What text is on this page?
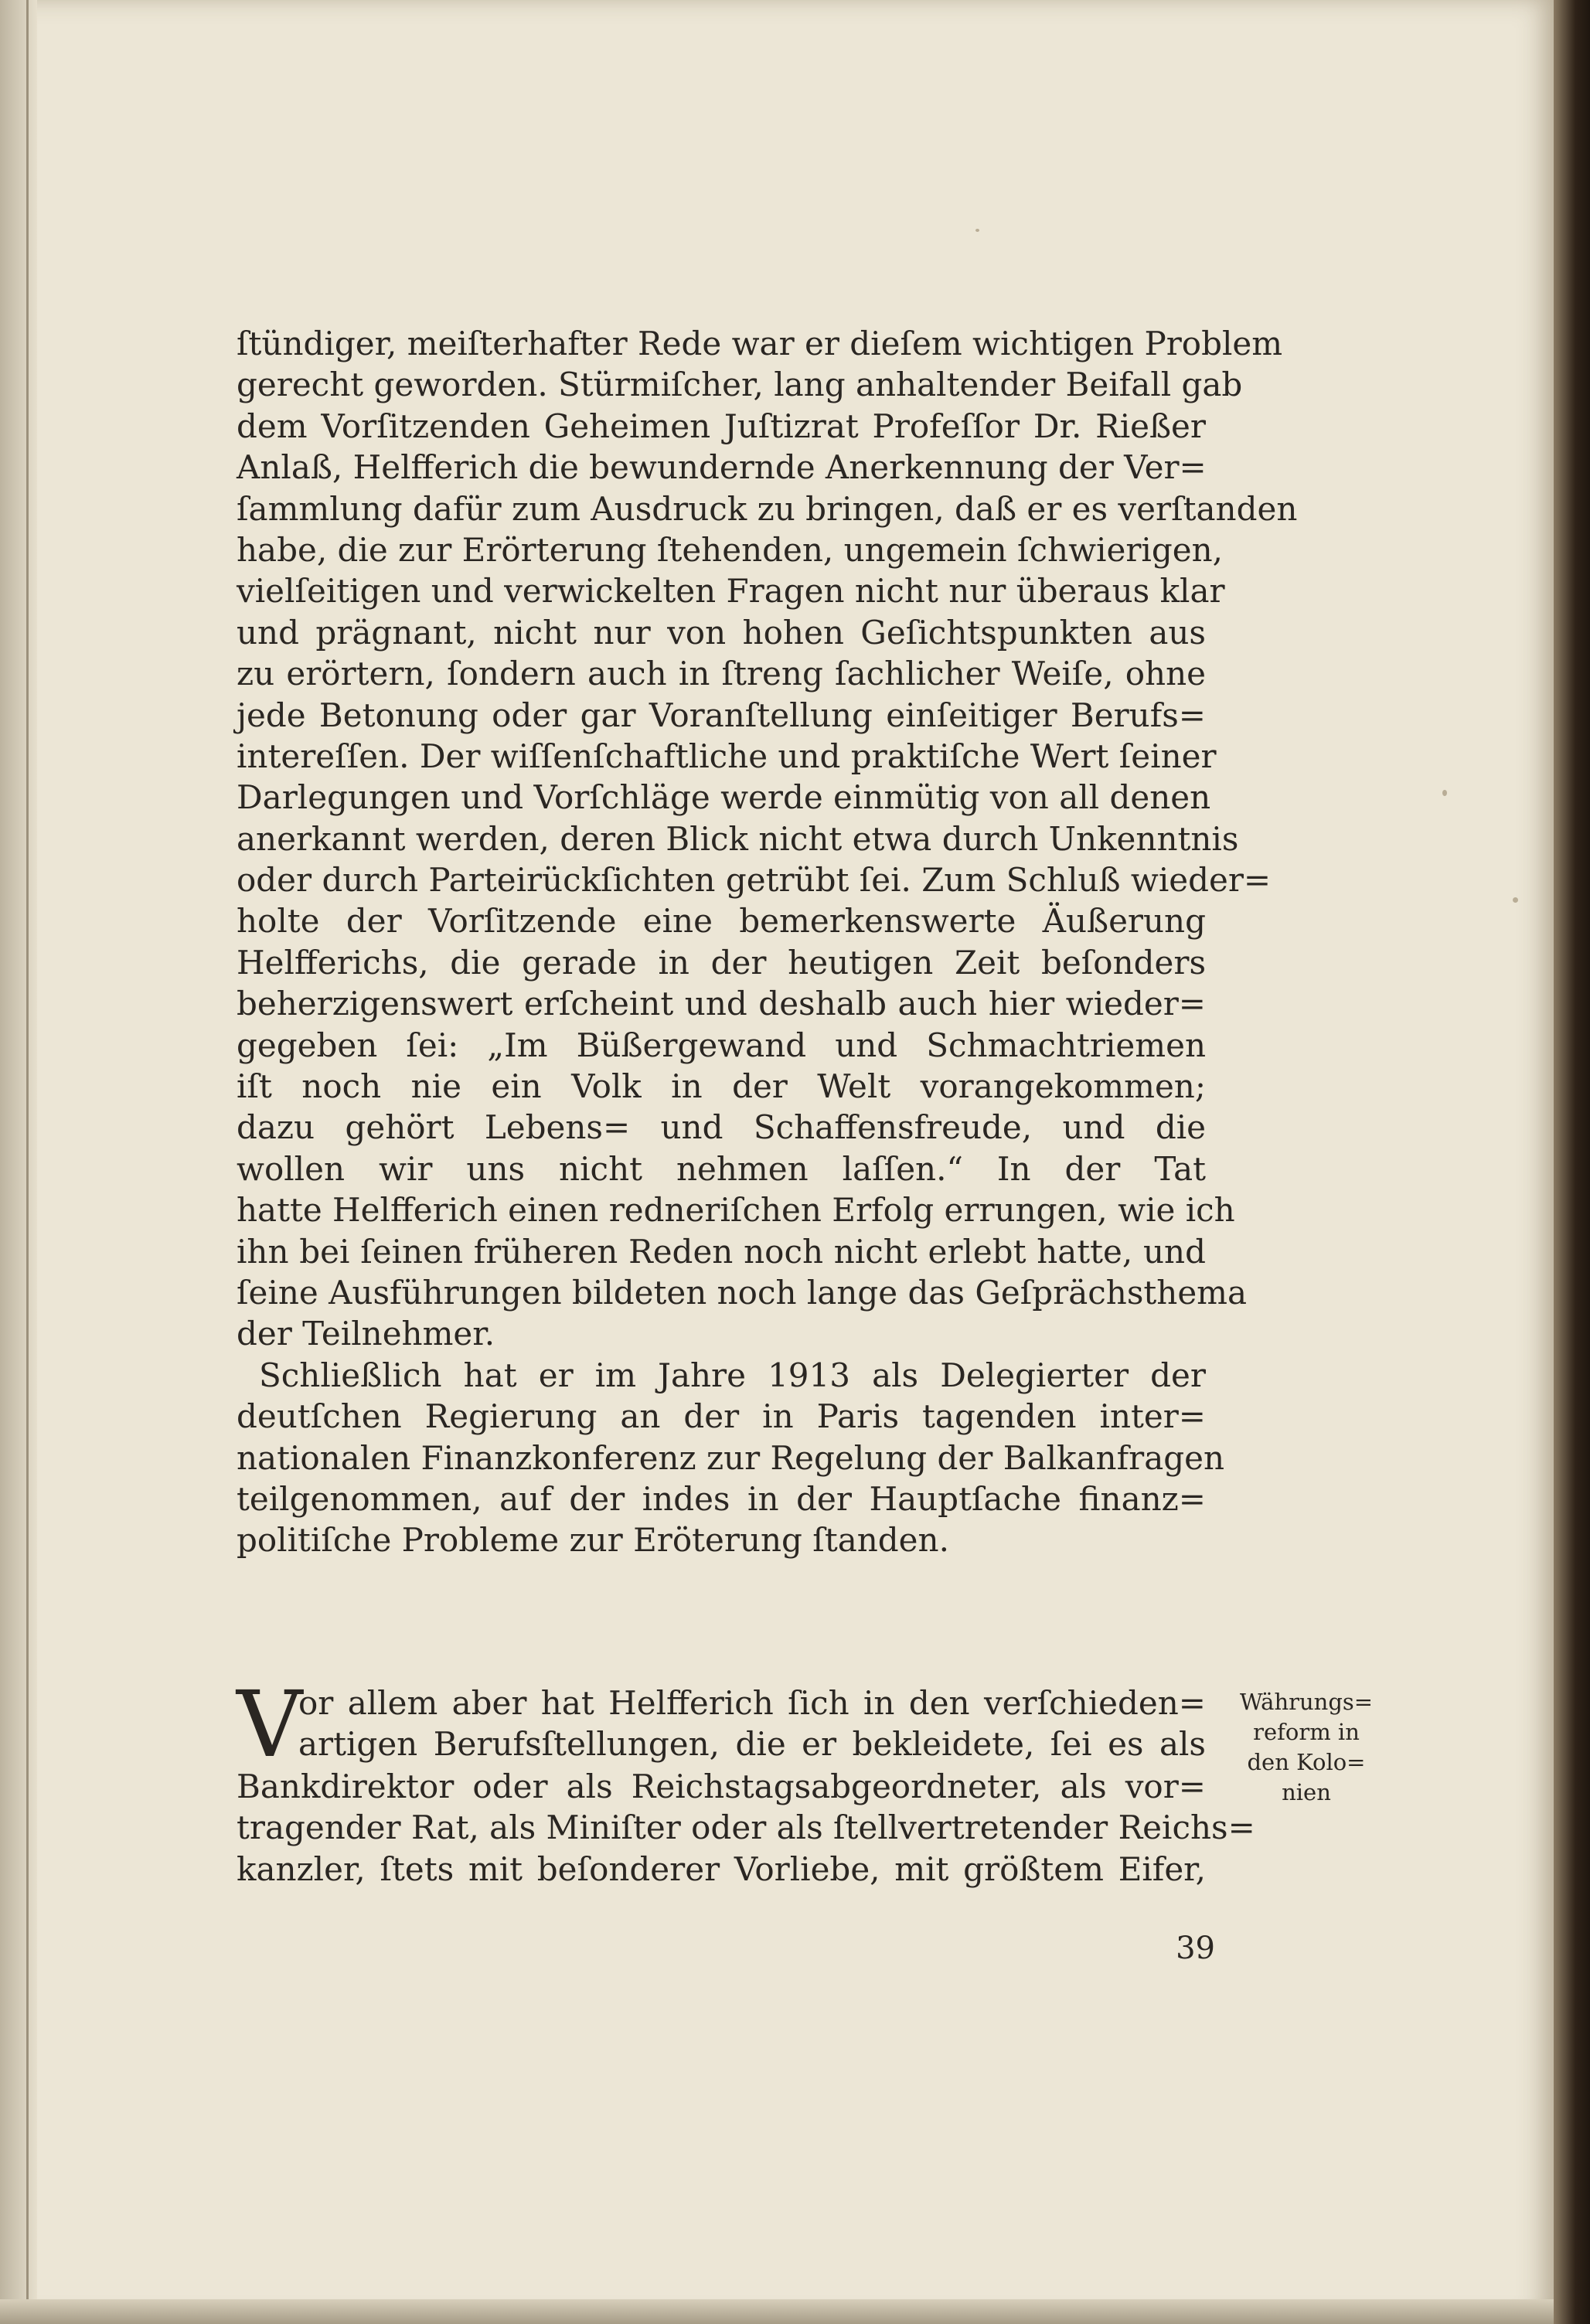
ſtündiger, meiſterhafter Rede war er dieſem wichtigen Problem
gerecht geworden. Stürmiſcher, lang anhaltender Beifall gab
dem Vorſitzenden Geheimen Juſtizrat Profeſſor Dr. Rießer
Anlaß, Helfferich die bewundernde Anerkennung der Ver=
ſammlung dafür zum Ausdruck zu bringen, daß er es verſtanden
habe, die zur Erörterung ſtehenden, ungemein ſchwierigen,
vielſeitigen und verwickelten Fragen nicht nur überaus klar
und prägnant, nicht nur von hohen Geſichtspunkten aus
zu erörtern, ſondern auch in ſtreng ſachlicher Weiſe, ohne
jede Betonung oder gar Voranſtellung einſeitiger Berufs=
intereſſen. Der wiſſenſchaftliche und praktiſche Wert ſeiner
Darlegungen und Vorſchläge werde einmütig von all denen
anerkannt werden, deren Blick nicht etwa durch Unkenntnis
oder durch Parteirückſichten getrübt ſei. Zum Schluß wieder=
holte der Vorſitzende eine bemerkenswerte Äußerung
Helfferichs, die gerade in der heutigen Zeit beſonders
beherzigenswert erſcheint und deshalb auch hier wieder=
gegeben ſei: „Im Büßergewand und Schmachtriemen
iſt noch nie ein Volk in der Welt vorangekommen;
dazu gehört Lebens= und Schaffensfreude, und die
wollen wir uns nicht nehmen laſſen.“ In der Tat
hatte Helfferich einen redneriſchen Erfolg errungen, wie ich
ihn bei ſeinen früheren Reden noch nicht erlebt hatte, und
ſeine Ausführungen bildeten noch lange das Geſprächsthema
der Teilnehmer.
Schließlich hat er im Jahre 1913 als Delegierter der
deutſchen Regierung an der in Paris tagenden inter=
nationalen Finanzkonferenz zur Regelung der Balkanfragen
teilgenommen, auf der indes in der Hauptſache finanz=
politiſche Probleme zur Eröterung ſtanden.
V
or allem aber hat Helfferich ſich in den verſchieden=
artigen Berufsſtellungen, die er bekleidete, ſei es als
Bankdirektor oder als Reichstagsabgeordneter, als vor=
tragender Rat, als Miniſter oder als ſtellvertretender Reichs=
kanzler, ſtets mit beſonderer Vorliebe, mit größtem Eifer,
Währungs=
reform in
den Kolo=
nien
39
